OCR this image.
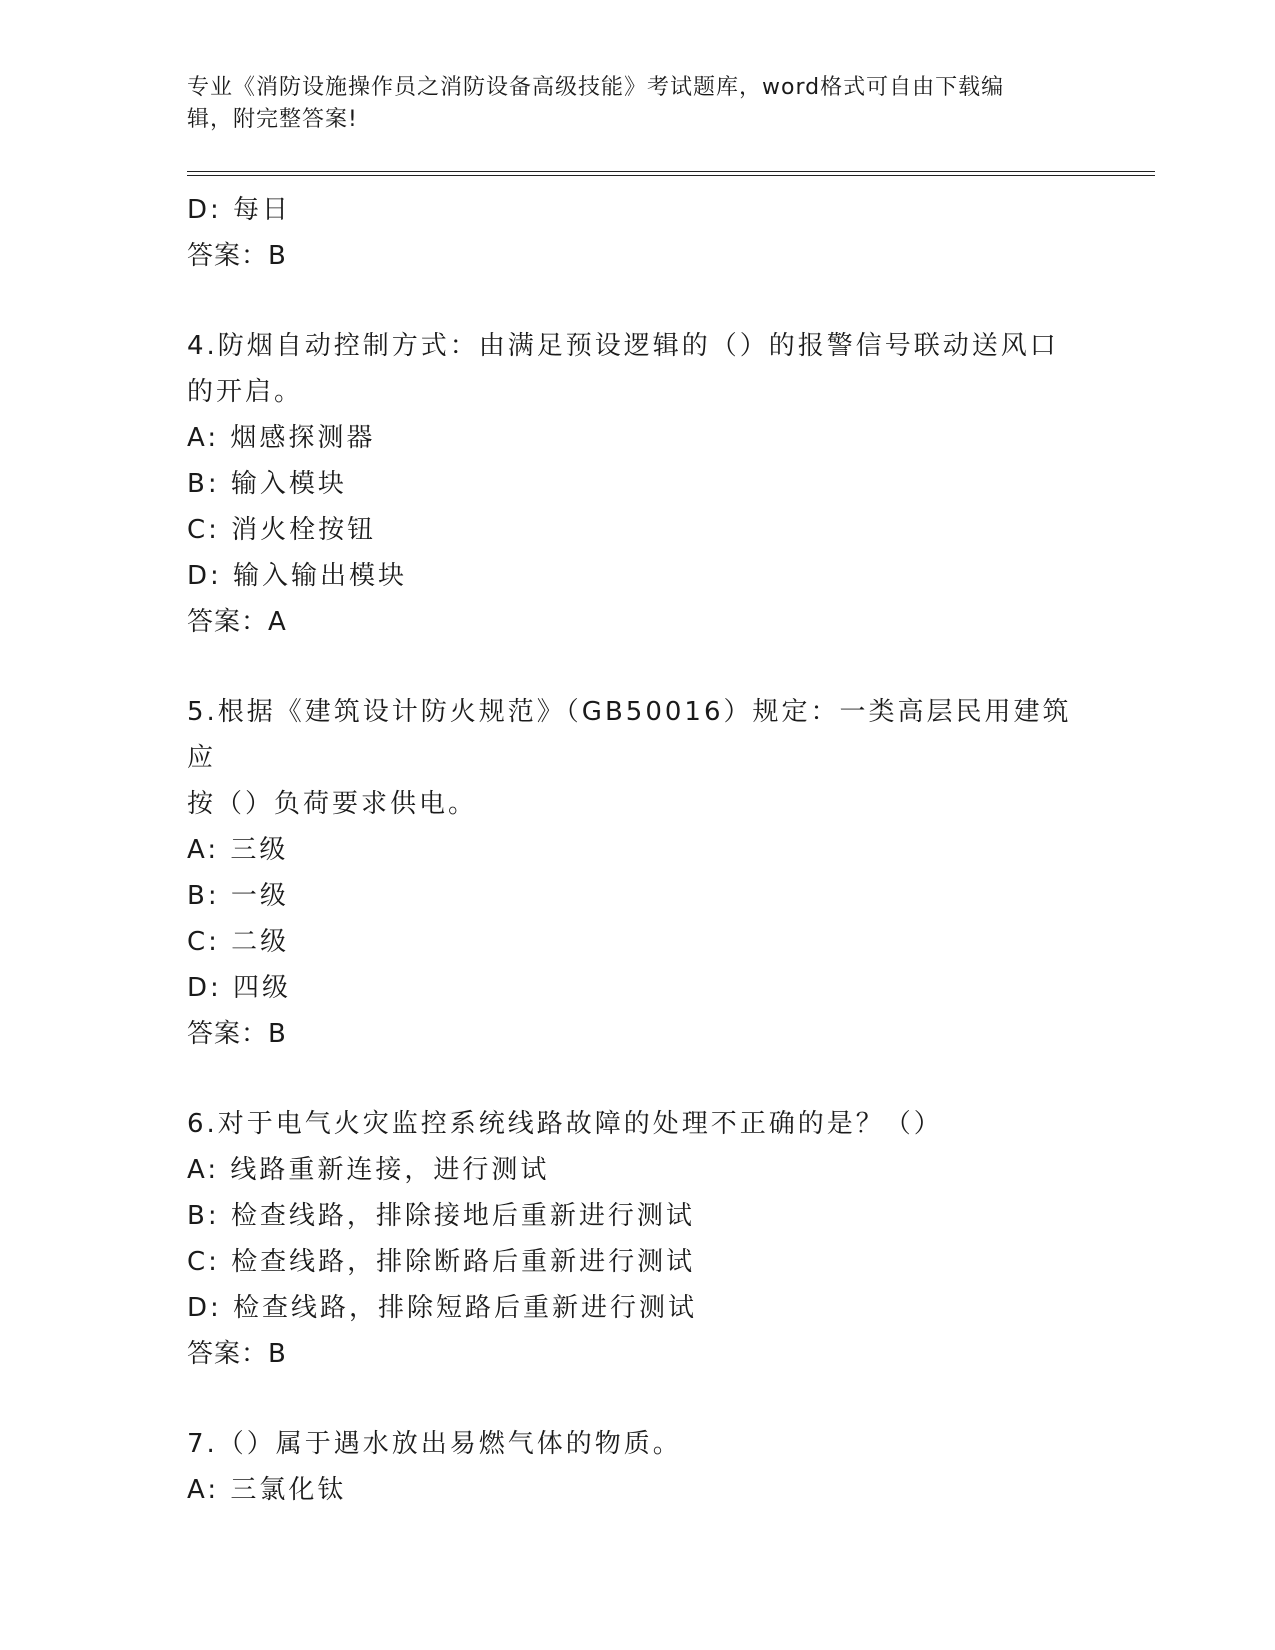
专业《消防设施操作员之消防设备高级技能》考试题库，word格式可自由下载编
辑，附完整答案!
D: 每日
答案：B
4.防烟自动控制方式：由满足预设逻辑的（）的报警信号联动送风口
的开启。
A: 烟感探测器
B: 输入模块
C: 消火栓按钮
D: 输入输出模块
答案：A
5.根据《建筑设计防火规范》（GB50016）规定：一类高层民用建筑应
按（）负荷要求供电。
A: 三级
B: 一级
C: 二级
D: 四级
答案：B
6.对于电气火灾监控系统线路故障的处理不正确的是？（）
A: 线路重新连接，进行测试
B: 检查线路，排除接地后重新进行测试
C: 检查线路，排除断路后重新进行测试
D: 检查线路，排除短路后重新进行测试
答案：B
7.（）属于遇水放出易燃气体的物质。
A: 三氯化钛
